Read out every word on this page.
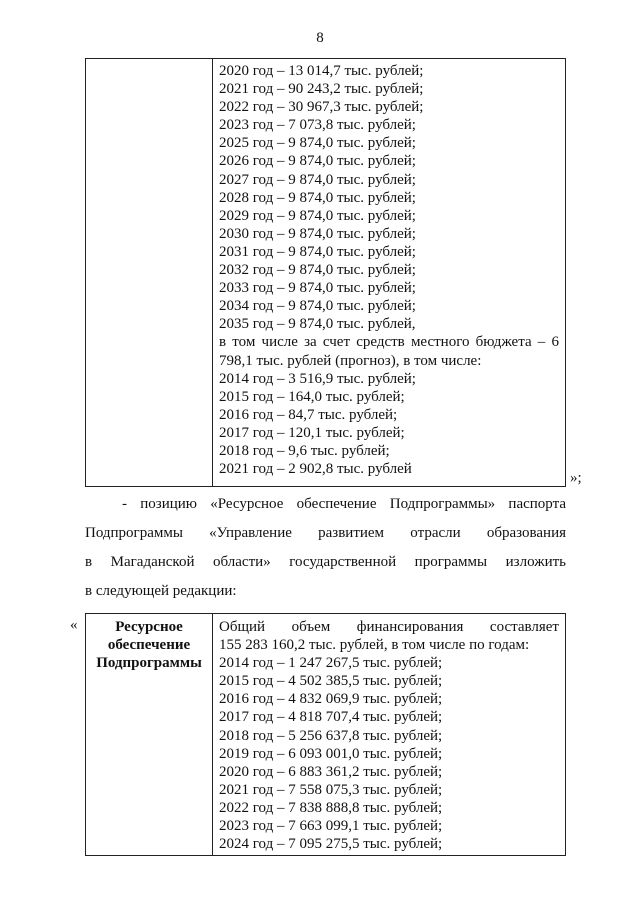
8
2020 год – 13 014,7 тыс. рублей;
2021 год – 90 243,2 тыс. рублей;
2022 год – 30 967,3 тыс. рублей;
2023 год – 7 073,8 тыс. рублей;
2025 год – 9 874,0 тыс. рублей;
2026 год – 9 874,0 тыс. рублей;
2027 год – 9 874,0 тыс. рублей;
2028 год – 9 874,0 тыс. рублей;
2029 год – 9 874,0 тыс. рублей;
2030 год – 9 874,0 тыс. рублей;
2031 год – 9 874,0 тыс. рублей;
2032 год – 9 874,0 тыс. рублей;
2033 год – 9 874,0 тыс. рублей;
2034 год – 9 874,0 тыс. рублей;
2035 год – 9 874,0 тыс. рублей,
в том числе за счет средств местного бюджета – 6 798,1 тыс. рублей (прогноз), в том числе:
2014 год – 3 516,9 тыс. рублей;
2015 год – 164,0 тыс. рублей;
2016 год – 84,7 тыс. рублей;
2017 год – 120,1 тыс. рублей;
2018 год – 9,6 тыс. рублей;
2021 год – 2 902,8 тыс. рублей
»;
- позицию «Ресурсное обеспечение Подпрограммы» паспорта
Подпрограммы «Управление развитием отрасли образования
в Магаданской области» государственной программы изложить
в следующей редакции:
«	Ресурсное обеспечение Подпрограммы
Общий объем финансирования составляет
155 283 160,2 тыс. рублей, в том числе по годам:
2014 год – 1 247 267,5 тыс. рублей;
2015 год – 4 502 385,5 тыс. рублей;
2016 год – 4 832 069,9 тыс. рублей;
2017 год – 4 818 707,4 тыс. рублей;
2018 год – 5 256 637,8 тыс. рублей;
2019 год – 6 093 001,0 тыс. рублей;
2020 год – 6 883 361,2 тыс. рублей;
2021 год – 7 558 075,3 тыс. рублей;
2022 год – 7 838 888,8 тыс. рублей;
2023 год – 7 663 099,1 тыс. рублей;
2024 год – 7 095 275,5 тыс. рублей;
